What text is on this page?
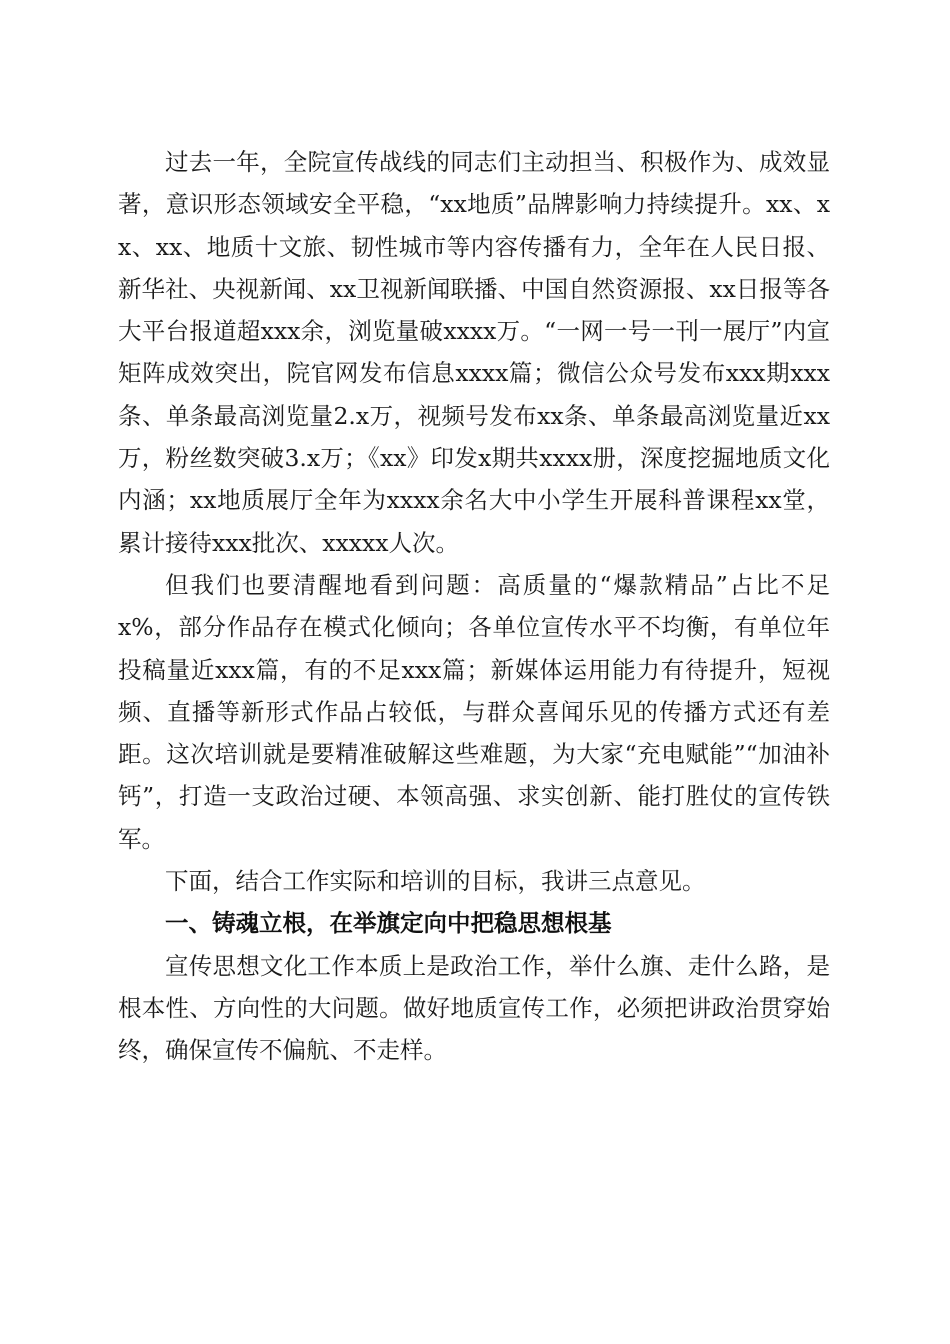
过去一年，全院宣传战线的同志们主动担当、积极作为、成效显著，意识形态领域安全平稳，“xx地质”品牌影响力持续提升。xx、xx、xx、地质十文旅、韧性城市等内容传播有力，全年在人民日报、新华社、央视新闻、xx卫视新闻联播、中国自然资源报、xx日报等各大平台报道超xxx余，浏览量破xxxx万。“一网一号一刊一展厅”内宣矩阵成效突出，院官网发布信息xxxx篇；微信公众号发布xxx期xxx条、单条最高浏览量2.x万，视频号发布xx条、单条最高浏览量近xx万，粉丝数突破3.x万；《xx》印发x期共xxxx册，深度挖掘地质文化内涵；xx地质展厅全年为xxxx余名大中小学生开展科普课程xx堂，累计接待xxx批次、xxxxx人次。

但我们也要清醒地看到问题：高质量的“爆款精品”占比不足x%，部分作品存在模式化倾向；各单位宣传水平不均衡，有单位年投稿量近xxx篇，有的不足xxx篇；新媒体运用能力有待提升，短视频、直播等新形式作品占较低，与群众喜闻乐见的传播方式还有差距。这次培训就是要精准破解这些难题，为大家“充电赋能”“加油补钙”，打造一支政治过硬、本领高强、求实创新、能打胜仗的宣传铁军。

下面，结合工作实际和培训的目标，我讲三点意见。

一、铸魂立根，在举旗定向中把稳思想根基

宣传思想文化工作本质上是政治工作，举什么旗、走什么路，是根本性、方向性的大问题。做好地质宣传工作，必须把讲政治贯穿始终，确保宣传不偏航、不走样。
